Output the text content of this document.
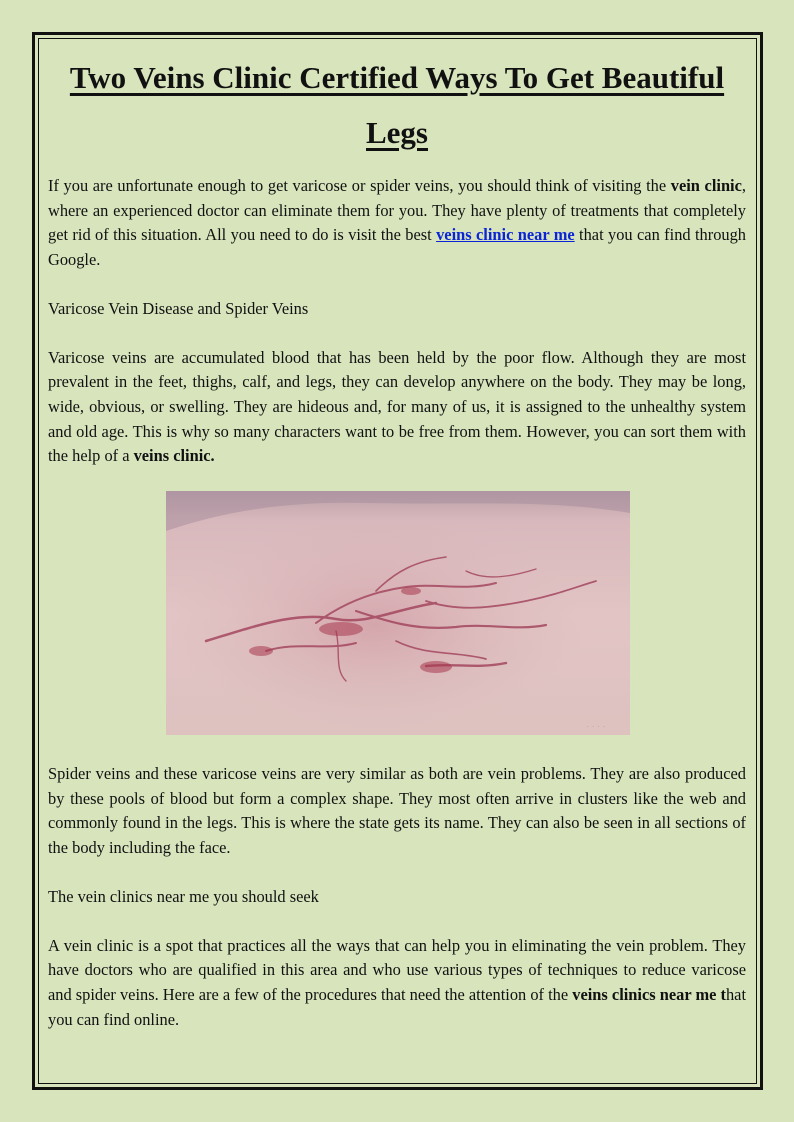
Two Veins Clinic Certified Ways To Get Beautiful Legs

If you are unfortunate enough to get varicose or spider veins, you should think of visiting the vein clinic, where an experienced doctor can eliminate them for you. They have plenty of treatments that completely get rid of this situation. All you need to do is visit the best veins clinic near me that you can find through Google.

Varicose Vein Disease and Spider Veins

Varicose veins are accumulated blood that has been held by the poor flow. Although they are most prevalent in the feet, thighs, calf, and legs, they can develop anywhere on the body. They may be long, wide, obvious, or swelling. They are hideous and, for many of us, it is assigned to the unhealthy system and old age. This is why so many characters want to be free from them. However, you can sort them with the help of a veins clinic.

· · · ·

Spider veins and these varicose veins are very similar as both are vein problems. They are also produced by these pools of blood but form a complex shape. They most often arrive in clusters like the web and commonly found in the legs. This is where the state gets its name. They can also be seen in all sections of the body including the face.

The vein clinics near me you should seek

A vein clinic is a spot that practices all the ways that can help you in eliminating the vein problem. They have doctors who are qualified in this area and who use various types of techniques to reduce varicose and spider veins. Here are a few of the procedures that need the attention of the veins clinics near me that you can find online.
